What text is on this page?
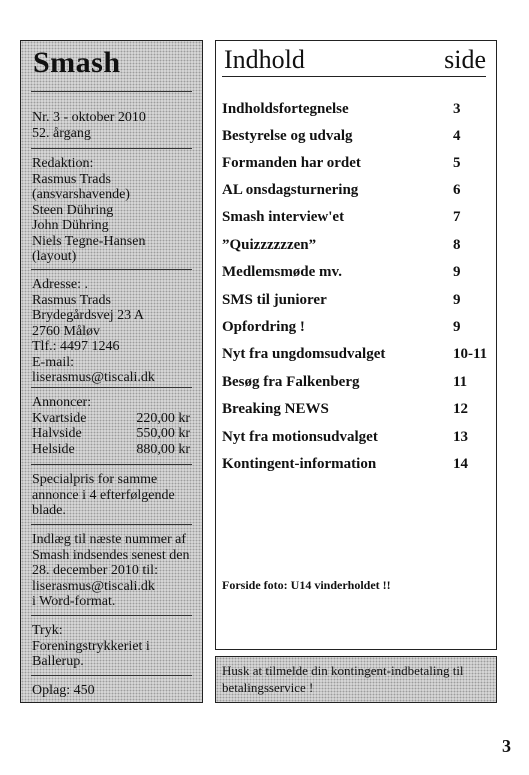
Smash
Nr. 3 - oktober 2010
52. årgang
Redaktion:
Rasmus Trads
(ansvarshavende)
Steen Dühring
John Dühring
Niels Tegne-Hansen
(layout)
Adresse: .
Rasmus Trads
Brydegårdsvej 23 A
2760 Måløv
Tlf.: 4497 1246
E-mail:
liserasmus@tiscali.dk
Annoncer:
Kvartside	220,00 kr
Halvside	550,00 kr
Helside	880,00 kr
Specialpris for samme
annonce i 4 efterfølgende
blade.
Indlæg til næste nummer af
Smash indsendes senest den
28. december 2010 til:
liserasmus@tiscali.dk
i Word-format.
Tryk:
Foreningstrykkeriet i
Ballerup.
Oplag: 450
Indhold	side
Indholdsfortegnelse	3
Bestyrelse og udvalg	4
Formanden har ordet	5
AL onsdagsturnering	6
Smash interview'et	7
”Quizzzzzzen”	8
Medlemsmøde mv.	9
SMS til juniorer	9
Opfordring !	9
Nyt fra ungdomsudvalget	10-11
Besøg fra Falkenberg	11
Breaking NEWS	12
Nyt fra motionsudvalget	13
Kontingent-information	14
Forside foto: U14 vinderholdet !!
Husk at tilmelde din kontingent-indbetaling til betalingsservice !
3
